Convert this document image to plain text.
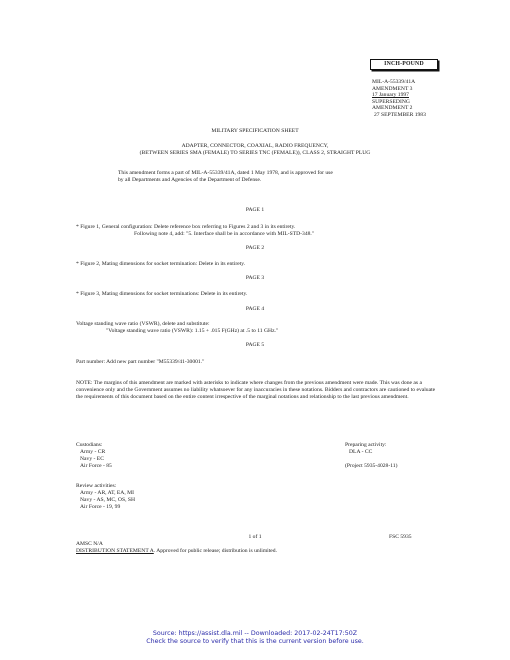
INCH-POUND
MIL-A-55339/41A
AMENDMENT 3
17 January 1997
SUPERSEDING
AMENDMENT 2
27 SEPTEMBER 1983
MILITARY SPECIFICATION SHEET
ADAPTER, CONNECTOR, COAXIAL, RADIO FREQUENCY,
(BETWEEN SERIES SMA (FEMALE) TO SERIES TNC (FEMALE)), CLASS 2, STRAIGHT PLUG
This amendment forms a part of MIL-A-55339/41A, dated 1 May 1978, and is approved for use
by all Departments and Agencies of the Department of Defense.
PAGE 1
* Figure 1, General configuration: Delete reference box referring to Figures 2 and 3 in its entirety.
Following note 4, add: "5. Interface shall be in accordance with MIL-STD-348."
PAGE 2
* Figure 2, Mating dimensions for socket termination: Delete in its entirety.
PAGE 3
* Figure 3, Mating dimensions for socket terminations: Delete in its entirety.
PAGE 4
Voltage standing wave ratio (VSWR), delete and substitute:
"Voltage standing wave ratio (VSWR): 1.15 + .015 F(GHz) at .5 to 11 GHz."
PAGE 5
Part number: Add new part number "M55339/41-30001."
NOTE: The margins of this amendment are marked with asterisks to indicate where changes from the previous amendment were made. This was done as a convenience only and the Government assumes no liability whatsoever for any inaccuracies in these notations. Bidders and contractors are cautioned to evaluate the requirements of this document based on the entire content irrespective of the marginal notations and relationship to the last previous amendment.
Custodians:
Army - CR
Navy - EC
Air Force - 85
Preparing activity:
DLA - CC
(Project 5935-4028-11)
Review activities:
Army - AR, AT, EA, MI
Navy - AS, MC, OS, SH
Air Force - 19, 99
1 of 1	FSC 5935
AMSC N/A
DISTRIBUTION STATEMENT A. Approved for public release; distribution is unlimited.
Source: https://assist.dla.mil -- Downloaded: 2017-02-24T17:50Z
Check the source to verify that this is the current version before use.
